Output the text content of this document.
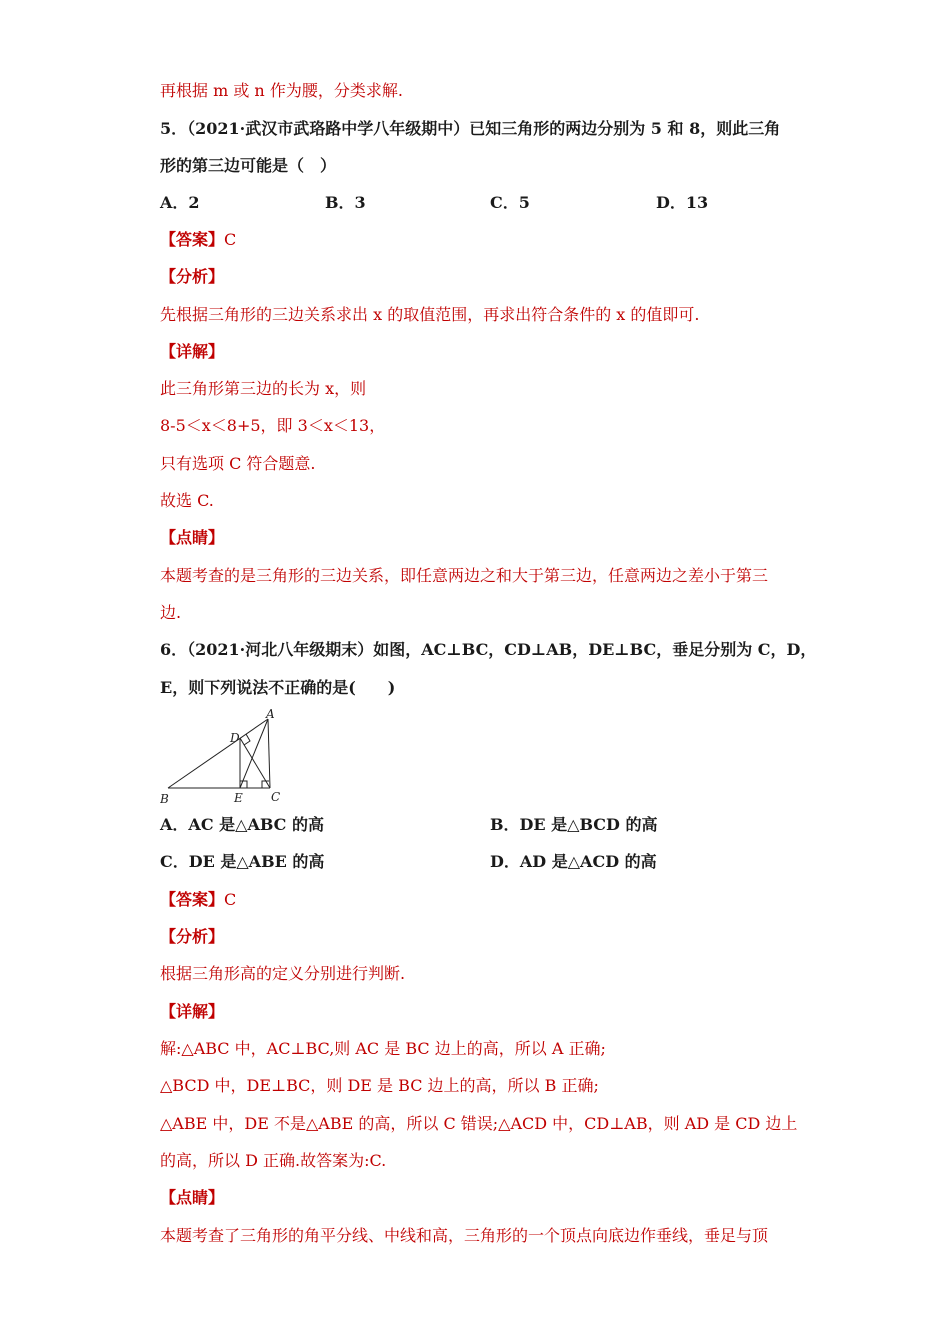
再根据 m 或 n 作为腰，分类求解.
5．（2021·武汉市武珞路中学八年级期中）已知三角形的两边分别为 5 和 8，则此三角
形的第三边可能是（　）
A．2	B．3	C．5	D．13
【答案】C
【分析】
先根据三角形的三边关系求出 x 的取值范围，再求出符合条件的 x 的值即可.
【详解】
此三角形第三边的长为 x，则
8-5＜x＜8+5，即 3＜x＜13，
只有选项 C 符合题意.
故选 C.
【点睛】
本题考查的是三角形的三边关系，即任意两边之和大于第三边，任意两边之差小于第三
边.
6．（2021·河北八年级期末）如图，AC⊥BC，CD⊥AB，DE⊥BC，垂足分别为 C，D，
E，则下列说法不正确的是(　　)
A
B	C
D
E
A．AC 是△ABC 的高	B．DE 是△BCD 的高
C．DE 是△ABE 的高	D．AD 是△ACD 的高
【答案】C
【分析】
根据三角形高的定义分别进行判断.
【详解】
解:△ABC 中，AC⊥BC,则 AC 是 BC 边上的高，所以 A 正确;
△BCD 中，DE⊥BC，则 DE 是 BC 边上的高，所以 B 正确;
△ABE 中，DE 不是△ABE 的高，所以 C 错误;△ACD 中，CD⊥AB，则 AD 是 CD 边上
的高，所以 D 正确.故答案为:C.
【点睛】
本题考查了三角形的角平分线、中线和高，三角形的一个顶点向底边作垂线，垂足与顶
